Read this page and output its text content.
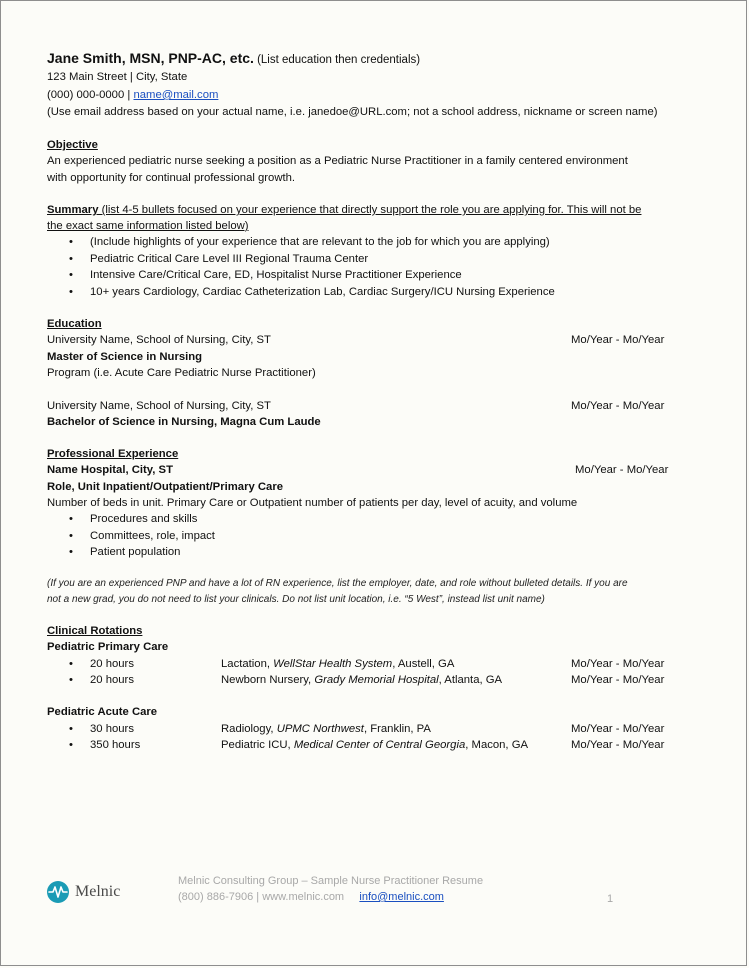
Jane Smith, MSN, PNP-AC, etc. (List education then credentials)
123 Main Street | City, State
(000) 000-0000 | name@mail.com
(Use email address based on your actual name, i.e. janedoe@URL.com; not a school address, nickname or screen name)
Objective
An experienced pediatric nurse seeking a position as a Pediatric Nurse Practitioner in a family centered environment
with opportunity for continual professional growth.
Summary (list 4-5 bullets focused on your experience that directly support the role you are applying for. This will not be
the exact same information listed below)
• (Include highlights of your experience that are relevant to the job for which you are applying)
• Pediatric Critical Care Level III Regional Trauma Center
• Intensive Care/Critical Care, ED, Hospitalist Nurse Practitioner Experience
• 10+ years Cardiology, Cardiac Catheterization Lab, Cardiac Surgery/ICU Nursing Experience
Education
University Name, School of Nursing, City, ST	Mo/Year - Mo/Year
Master of Science in Nursing
Program (i.e. Acute Care Pediatric Nurse Practitioner)
University Name, School of Nursing, City, ST	Mo/Year - Mo/Year
Bachelor of Science in Nursing, Magna Cum Laude
Professional Experience
Name Hospital, City, ST	Mo/Year - Mo/Year
Role, Unit Inpatient/Outpatient/Primary Care
Number of beds in unit. Primary Care or Outpatient number of patients per day, level of acuity, and volume
• Procedures and skills
• Committees, role, impact
• Patient population
(If you are an experienced PNP and have a lot of RN experience, list the employer, date, and role without bulleted details. If you are
not a new grad, you do not need to list your clinicals. Do not list unit location, i.e. “5 West”, instead list unit name)
Clinical Rotations
Pediatric Primary Care
• 20 hours	Lactation, WellStar Health System, Austell, GA	Mo/Year - Mo/Year
• 20 hours	Newborn Nursery, Grady Memorial Hospital, Atlanta, GA	Mo/Year - Mo/Year
Pediatric Acute Care
• 30 hours	Radiology, UPMC Northwest, Franklin, PA	Mo/Year - Mo/Year
• 350 hours	Pediatric ICU, Medical Center of Central Georgia, Macon, GA	Mo/Year - Mo/Year
Melnic
Melnic Consulting Group – Sample Nurse Practitioner Resume
(800) 886-7906 | www.melnic.com info@melnic.com	1
